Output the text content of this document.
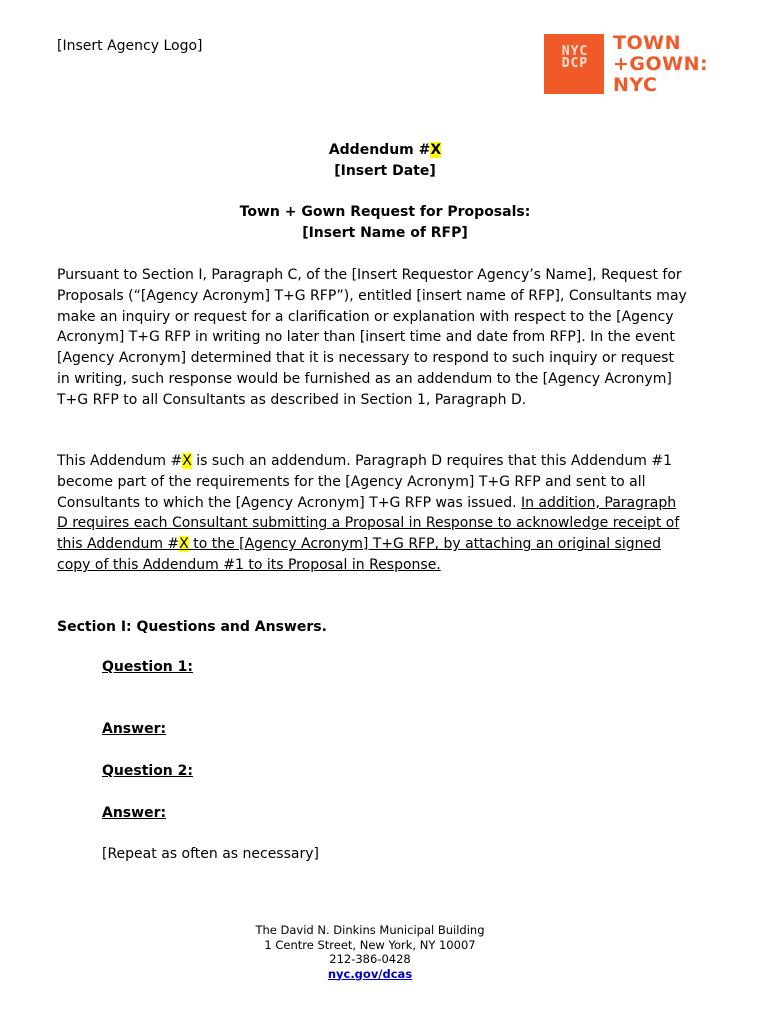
[Insert Agency Logo]	NYC
DCP
TOWN
+GOWN:
NYC
Addendum #X
[Insert Date]
Town + Gown Request for Proposals:
[Insert Name of RFP]
Pursuant to Section I, Paragraph C, of the [Insert Requestor Agency’s Name], Request for Proposals (“[Agency Acronym] T+G RFP”), entitled [insert name of RFP], Consultants may make an inquiry or request for a clarification or explanation with respect to the [Agency Acronym] T+G RFP in writing no later than [insert time and date from RFP]. In the event [Agency Acronym] determined that it is necessary to respond to such inquiry or request in writing, such response would be furnished as an addendum to the [Agency Acronym] T+G RFP to all Consultants as described in Section 1, Paragraph D.
This Addendum #X is such an addendum. Paragraph D requires that this Addendum #1 become part of the requirements for the [Agency Acronym] T+G RFP and sent to all Consultants to which the [Agency Acronym] T+G RFP was issued. In addition, Paragraph D requires each Consultant submitting a Proposal in Response to acknowledge receipt of this Addendum #X to the [Agency Acronym] T+G RFP, by attaching an original signed copy of this Addendum #1 to its Proposal in Response.
Section I: Questions and Answers.
Question 1:
Answer:
Question 2:
Answer:
[Repeat as often as necessary]
The David N. Dinkins Municipal Building
1 Centre Street, New York, NY 10007
212-386-0428
nyc.gov/dcas
